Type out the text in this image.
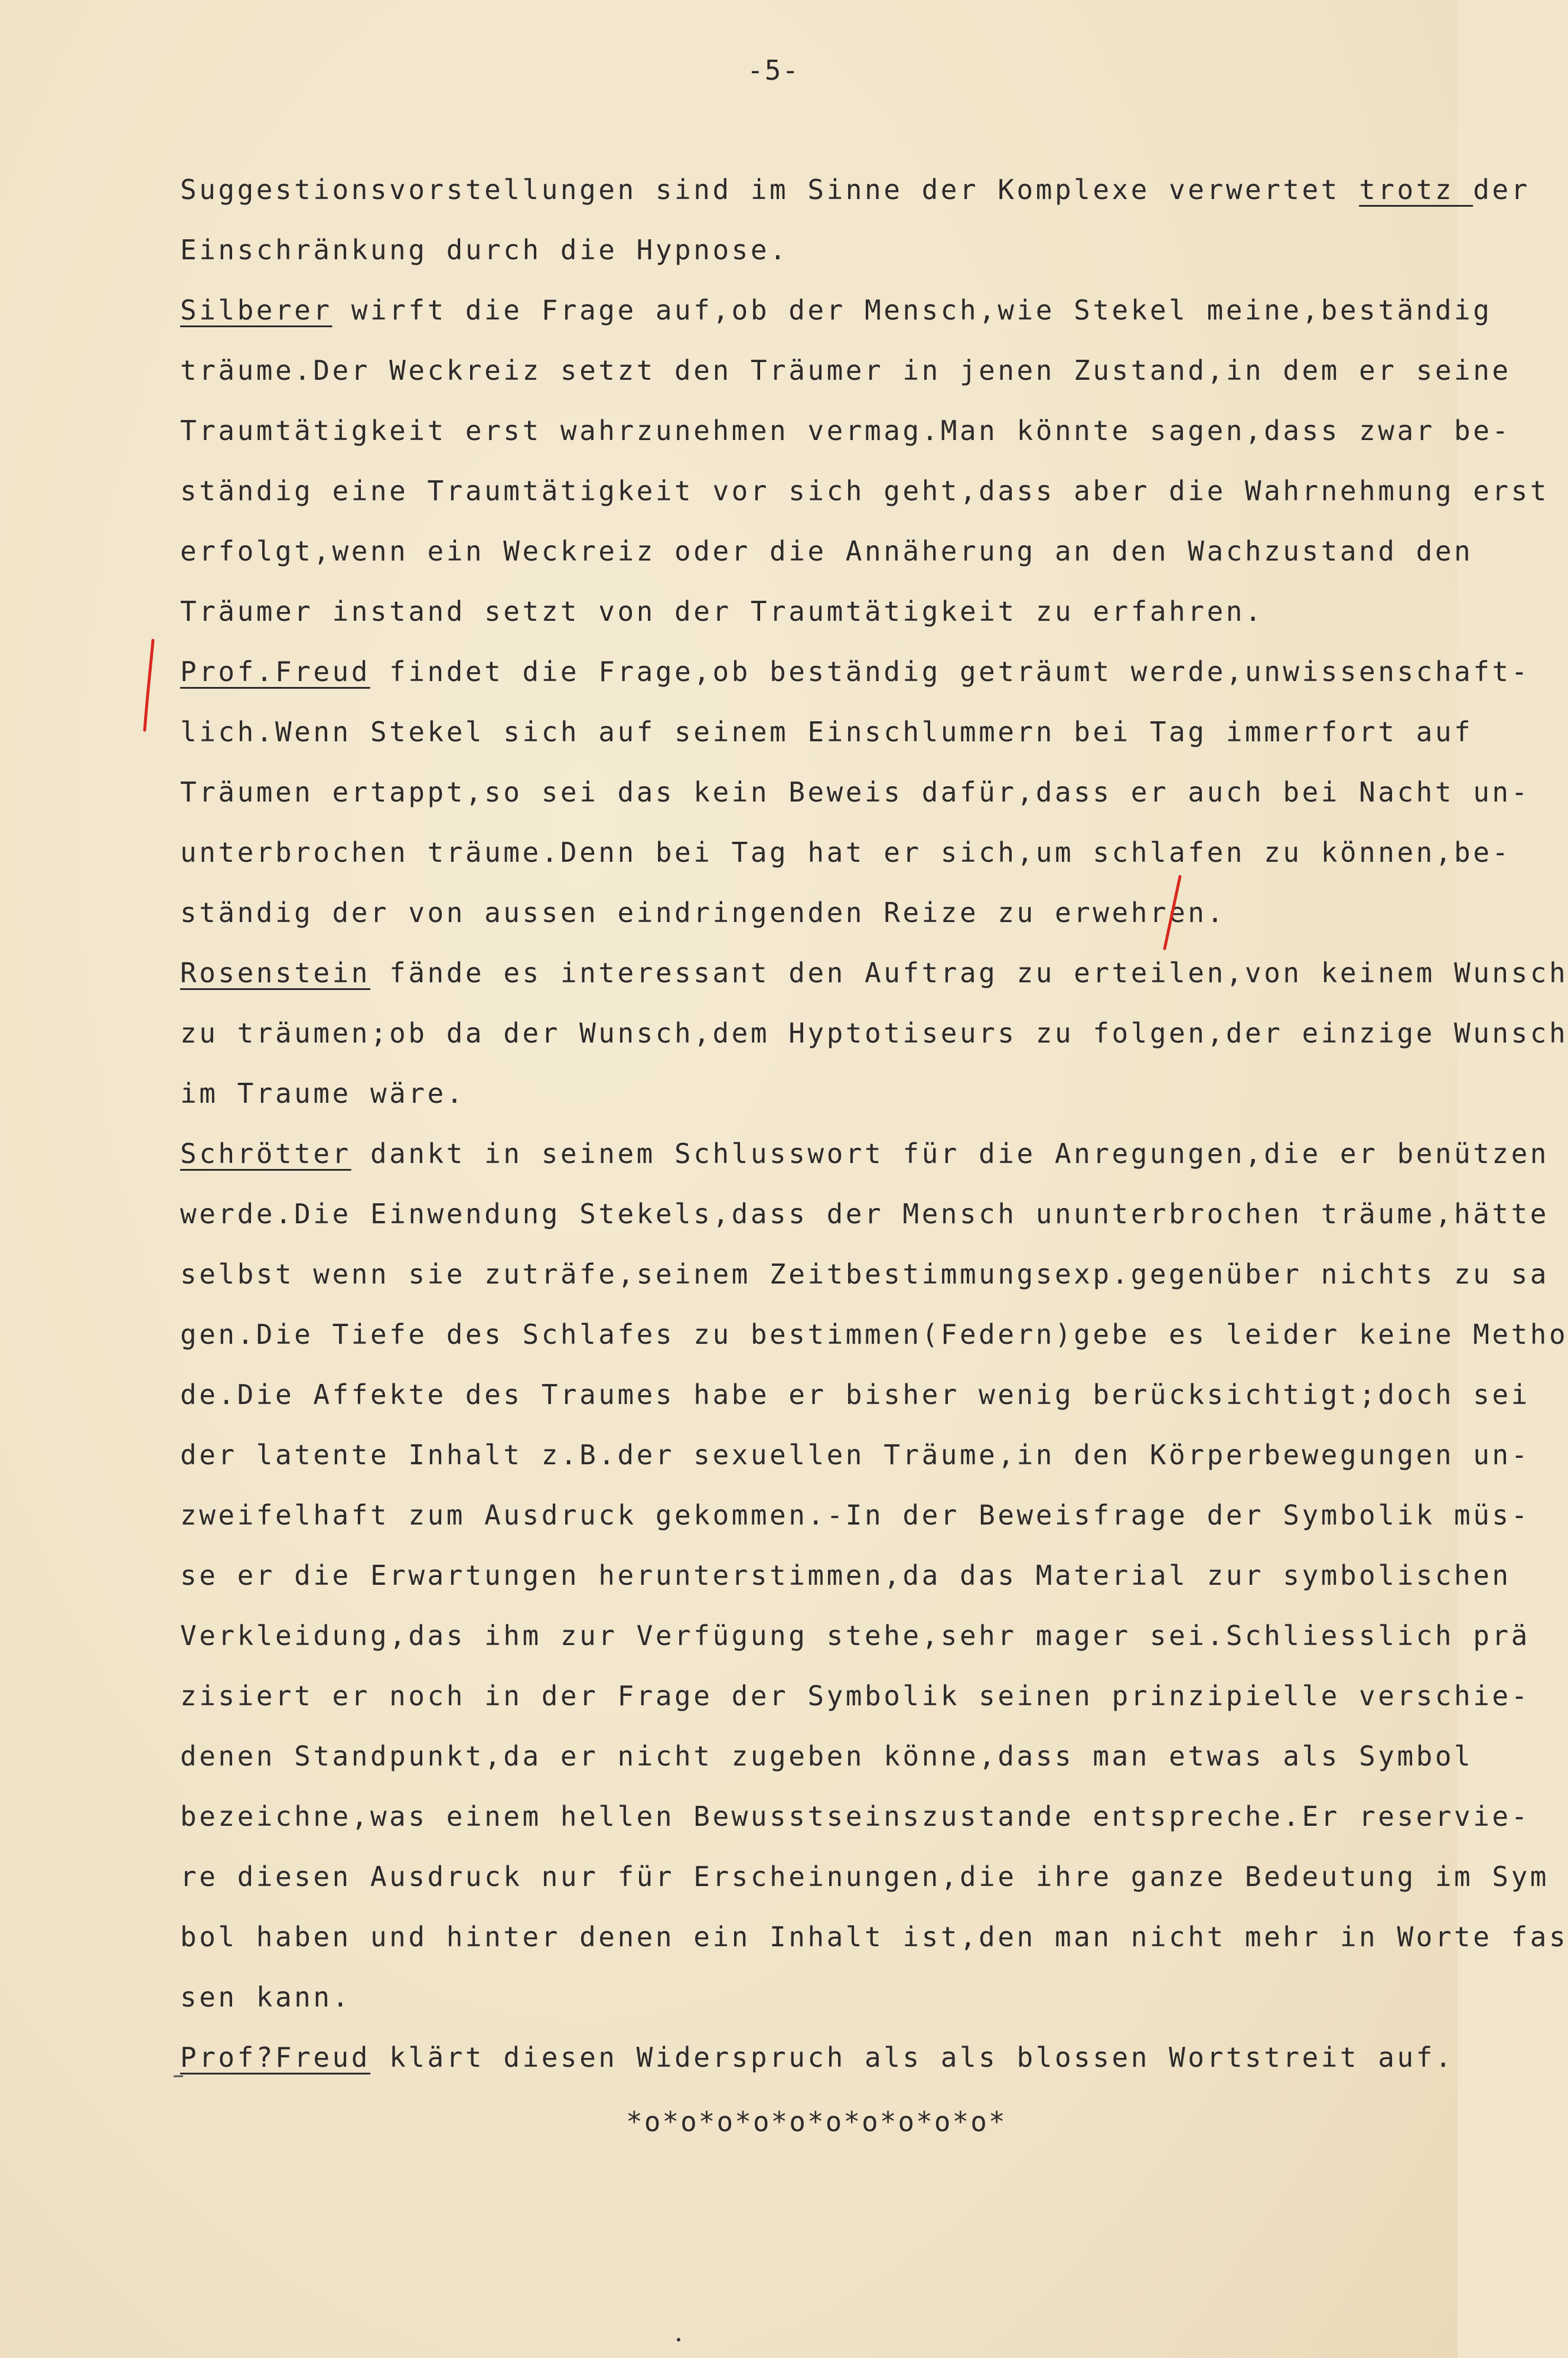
-5-
Suggestionsvorstellungen sind im Sinne der Komplexe verwertet trotz der
Einschränkung durch die Hypnose.
Silberer wirft die Frage auf,ob der Mensch,wie Stekel meine,beständig
träume.Der Weckreiz setzt den Träumer in jenen Zustand,in dem er seine
Traumtätigkeit erst wahrzunehmen vermag.Man könnte sagen,dass zwar be-
ständig eine Traumtätigkeit vor sich geht,dass aber die Wahrnehmung erst
erfolgt,wenn ein Weckreiz oder die Annäherung an den Wachzustand den
Träumer instand setzt von der Traumtätigkeit zu erfahren.
Prof.Freud findet die Frage,ob beständig geträumt werde,unwissenschaft-
lich.Wenn Stekel sich auf seinem Einschlummern bei Tag immerfort auf
Träumen ertappt,so sei das kein Beweis dafür,dass er auch bei Nacht un-
unterbrochen träume.Denn bei Tag hat er sich,um schlafen zu können,be-
ständig der von aussen eindringenden Reize zu erwehren.
Rosenstein fände es interessant den Auftrag zu erteilen,von keinem Wunsch
zu träumen;ob da der Wunsch,dem Hyptotiseurs zu folgen,der einzige Wunsch
im Traume wäre.
Schrötter dankt in seinem Schlusswort für die Anregungen,die er benützen
werde.Die Einwendung Stekels,dass der Mensch ununterbrochen träume,hätte
selbst wenn sie zuträfe,seinem Zeitbestimmungsexp.gegenüber nichts zu sa
gen.Die Tiefe des Schlafes zu bestimmen(Federn)gebe es leider keine Metho
de.Die Affekte des Traumes habe er bisher wenig berücksichtigt;doch sei
der latente Inhalt z.B.der sexuellen Träume,in den Körperbewegungen un-
zweifelhaft zum Ausdruck gekommen.-In der Beweisfrage der Symbolik müs-
se er die Erwartungen herunterstimmen,da das Material zur symbolischen
Verkleidung,das ihm zur Verfügung stehe,sehr mager sei.Schliesslich prä
zisiert er noch in der Frage der Symbolik seinen prinzipielle verschie-
denen Standpunkt,da er nicht zugeben könne,dass man etwas als Symbol
bezeichne,was einem hellen Bewusstseinszustande entspreche.Er reservie-
re diesen Ausdruck nur für Erscheinungen,die ihre ganze Bedeutung im Sym
bol haben und hinter denen ein Inhalt ist,den man nicht mehr in Worte fas
sen kann.
Prof?Freud klärt diesen Widerspruch als als blossen Wortstreit auf.
*o*o*o*o*o*o*o*o*o*o*
